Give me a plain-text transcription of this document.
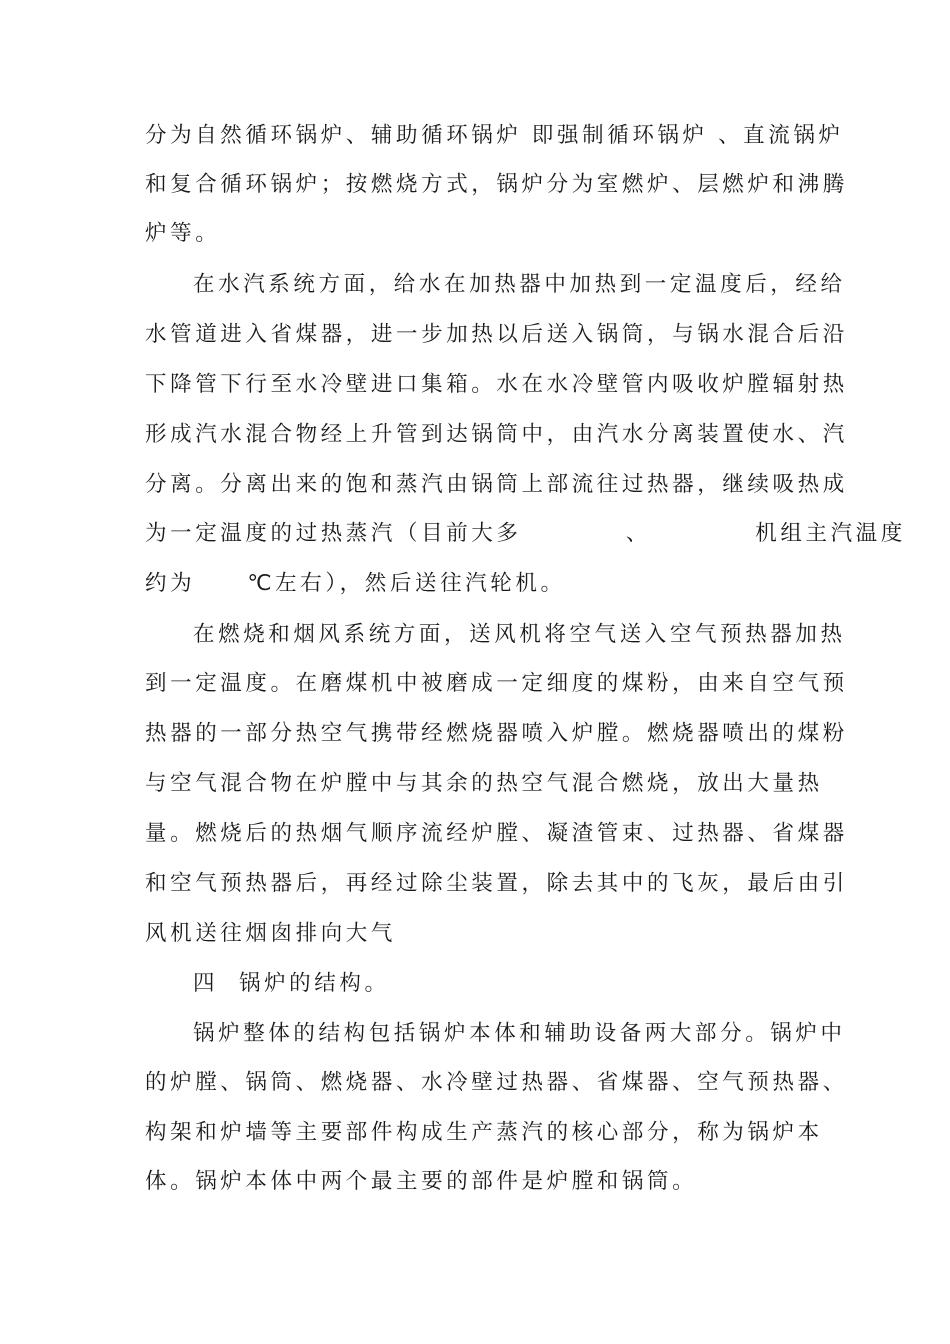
分为自然循环锅炉、辅助循环锅炉 即强制循环锅炉 、直流锅炉
和复合循环锅炉；按燃烧方式，锅炉分为室燃炉、层燃炉和沸腾
炉等。
在水汽系统方面，给水在加热器中加热到一定温度后，经给
水管道进入省煤器，进一步加热以后送入锅筒，与锅水混合后沿
下降管下行至水冷壁进口集箱。水在水冷壁管内吸收炉膛辐射热
形成汽水混合物经上升管到达锅筒中，由汽水分离装置使水、汽
分离。分离出来的饱和蒸汽由锅筒上部流往过热器，继续吸热成
为一定温度的过热蒸汽（目前大多          、          机组主汽温度
约为     ℃左右），然后送往汽轮机。
在燃烧和烟风系统方面，送风机将空气送入空气预热器加热
到一定温度。在磨煤机中被磨成一定细度的煤粉，由来自空气预
热器的一部分热空气携带经燃烧器喷入炉膛。燃烧器喷出的煤粉
与空气混合物在炉膛中与其余的热空气混合燃烧，放出大量热
量。燃烧后的热烟气顺序流经炉膛、凝渣管束、过热器、省煤器
和空气预热器后，再经过除尘装置，除去其中的飞灰，最后由引
风机送往烟囱排向大气
四  锅炉的结构。
锅炉整体的结构包括锅炉本体和辅助设备两大部分。锅炉中
的炉膛、锅筒、燃烧器、水冷壁过热器、省煤器、空气预热器、
构架和炉墙等主要部件构成生产蒸汽的核心部分，称为锅炉本
体。锅炉本体中两个最主要的部件是炉膛和锅筒。
